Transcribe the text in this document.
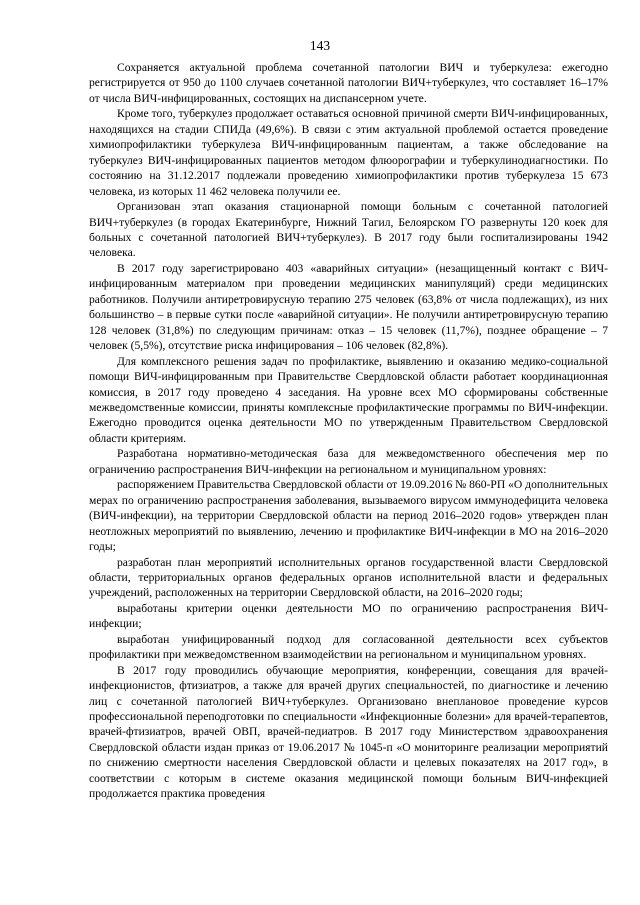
143

Сохраняется актуальной проблема сочетанной патологии ВИЧ и туберкулеза: ежегодно регистрируется от 950 до 1100 случаев сочетанной патологии ВИЧ+туберкулез, что составляет 16–17% от числа ВИЧ-инфицированных, состоящих на диспансерном учете.

Кроме того, туберкулез продолжает оставаться основной причиной смерти ВИЧ-инфицированных, находящихся на стадии СПИДа (49,6%). В связи с этим актуальной проблемой остается проведение химиопрофилактики туберкулеза ВИЧ-инфицированным пациентам, а также обследование на туберкулез ВИЧ-инфицированных пациентов методом флюорографии и туберкулинодиагностики. По состоянию на 31.12.2017 подлежали проведению химиопрофилактики против туберкулеза 15 673 человека, из которых 11 462 человека получили ее.

Организован этап оказания стационарной помощи больным с сочетанной патологией ВИЧ+туберкулез (в городах Екатеринбурге, Нижний Тагил, Белоярском ГО развернуты 120 коек для больных с сочетанной патологией ВИЧ+туберкулез). В 2017 году были госпитализированы 1942 человека.

В 2017 году зарегистрировано 403 «аварийных ситуации» (незащищенный контакт с ВИЧ-инфицированным материалом при проведении медицинских манипуляций) среди медицинских работников. Получили антиретровирусную терапию 275 человек (63,8% от числа подлежащих), из них большинство – в первые сутки после «аварийной ситуации». Не получили антиретровирусную терапию 128 человек (31,8%) по следующим причинам: отказ – 15 человек (11,7%), позднее обращение – 7 человек (5,5%), отсутствие риска инфицирования – 106 человек (82,8%).

Для комплексного решения задач по профилактике, выявлению и оказанию медико-социальной помощи ВИЧ-инфицированным при Правительстве Свердловской области работает координационная комиссия, в 2017 году проведено 4 заседания. На уровне всех МО сформированы собственные межведомственные комиссии, приняты комплексные профилактические программы по ВИЧ-инфекции. Ежегодно проводится оценка деятельности МО по утвержденным Правительством Свердловской области критериям.

Разработана нормативно-методическая база для межведомственного обеспечения мер по ограничению распространения ВИЧ-инфекции на региональном и муниципальном уровнях:

распоряжением Правительства Свердловской области от 19.09.2016 № 860-РП «О дополнительных мерах по ограничению распространения заболевания, вызываемого вирусом иммунодефицита человека (ВИЧ-инфекции), на территории Свердловской области на период 2016–2020 годов» утвержден план неотложных мероприятий по выявлению, лечению и профилактике ВИЧ-инфекции в МО на 2016–2020 годы;

разработан план мероприятий исполнительных органов государственной власти Свердловской области, территориальных органов федеральных органов исполнительной власти и федеральных учреждений, расположенных на территории Свердловской области, на 2016–2020 годы;

выработаны критерии оценки деятельности МО по ограничению распространения ВИЧ-инфекции;

выработан унифицированный подход для согласованной деятельности всех субъектов профилактики при межведомственном взаимодействии на региональном и муниципальном уровнях.

В 2017 году проводились обучающие мероприятия, конференции, совещания для врачей-инфекционистов, фтизиатров, а также для врачей других специальностей, по диагностике и лечению лиц с сочетанной патологией ВИЧ+туберкулез. Организовано внеплановое проведение курсов профессиональной переподготовки по специальности «Инфекционные болезни» для врачей-терапевтов, врачей-фтизиатров, врачей ОВП, врачей-педиатров. В 2017 году Министерством здравоохранения Свердловской области издан приказ от 19.06.2017 № 1045-п «О мониторинге реализации мероприятий по снижению смертности населения Свердловской области и целевых показателях на 2017 год», в соответствии с которым в системе оказания медицинской помощи больным ВИЧ-инфекцией продолжается практика проведения
